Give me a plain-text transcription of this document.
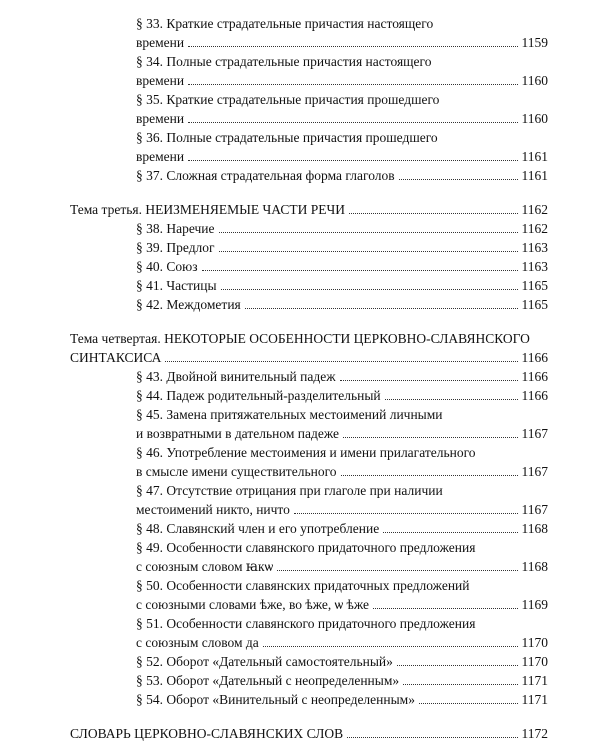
§ 33. Краткие страдательные причастия настоящего
времени	1159
§ 34. Полные страдательные причастия настоящего
времени	1160
§ 35. Краткие страдательные причастия прошедшего
времени	1160
§ 36. Полные страдательные причастия прошедшего
времени	1161
§ 37. Сложная страдательная форма глаголов	1161
Тема третья. НЕИЗМЕНЯЕМЫЕ ЧАСТИ РЕЧИ	1162
§ 38. Наречие	1162
§ 39. Предлог	1163
§ 40. Союз	1163
§ 41. Частицы	1165
§ 42. Междометия	1165
Тема четвертая. НЕКОТОРЫЕ ОСОБЕННОСТИ ЦЕРКОВНО-СЛАВЯНСКОГО
СИНТАКСИСА	1166
§ 43. Двойной винительный падеж	1166
§ 44. Падеж родительный-разделительный	1166
§ 45. Замена притяжательных местоимений личными
и возвратными в дательном падеже	1167
§ 46. Употребление местоимения и имени прилагательного
в смысле имени существительного	1167
§ 47. Отсутствие отрицания при глаголе при наличии
местоимений никто, ничто	1167
§ 48. Славянский член и его употребление	1168
§ 49. Особенности славянского придаточного предложения
с союзным словом ꙗкѡ	1168
§ 50. Особенности славянских придаточных предложений
с союзными словами ѣже, во ѣже, ѡ ѣже	1169
§ 51. Особенности славянского придаточного предложения
с союзным словом да	1170
§ 52. Оборот «Дательный самостоятельный»	1170
§ 53. Оборот «Дательный с неопределенным»	1171
§ 54. Оборот «Винительный с неопределенным»	1171
СЛОВАРЬ ЦЕРКОВНО-СЛАВЯНСКИХ СЛОВ	1172
